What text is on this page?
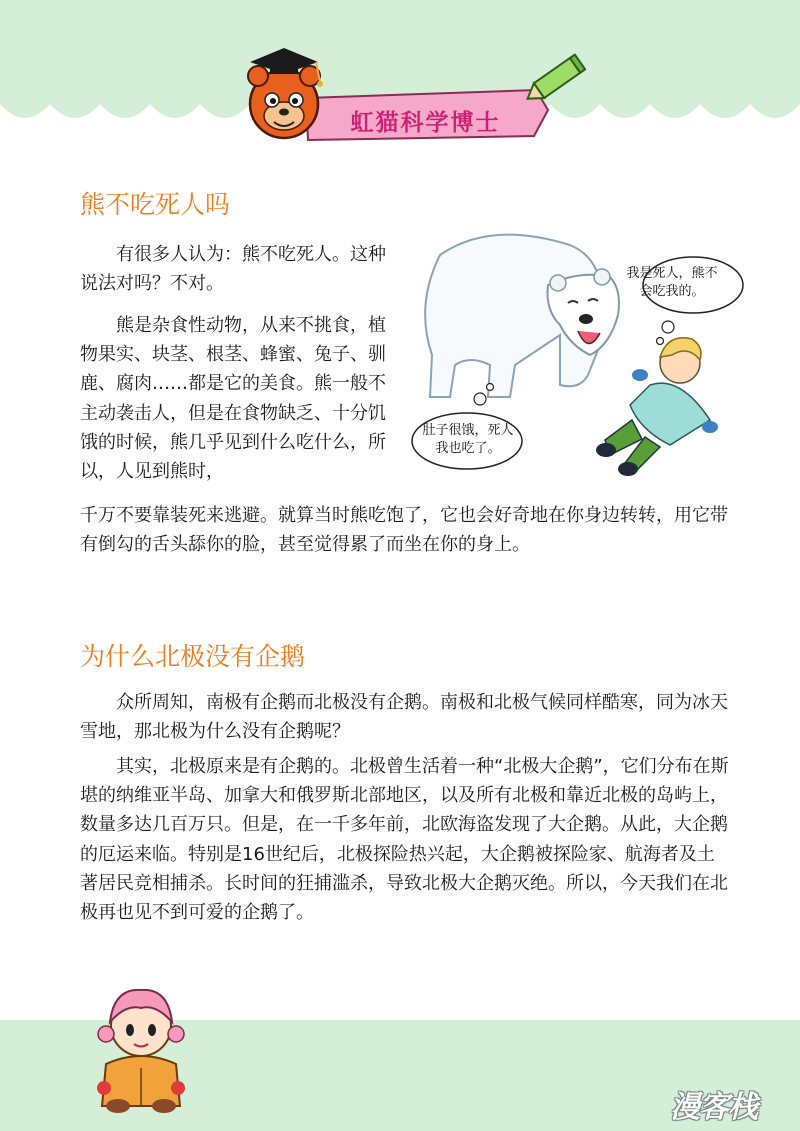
虹猫科学博士
熊不吃死人吗

有很多人认为：熊不吃死人。这种说法对吗？不对。

熊是杂食性动物，从来不挑食，植物果实、块茎、根茎、蜂蜜、兔子、驯鹿、腐肉……都是它的美食。熊一般不主动袭击人，但是在食物缺乏、十分饥饿的时候，熊几乎见到什么吃什么，所以，人见到熊时，

千万不要靠装死来逃避。就算当时熊吃饱了，它也会好奇地在你身边转转，用它带有倒勾的舌头舔你的脸，甚至觉得累了而坐在你的身上。

我是死人，熊不会吃我的。
肚子很饿，死人我也吃了。
为什么北极没有企鹅

众所周知，南极有企鹅而北极没有企鹅。南极和北极气候同样酷寒，同为冰天雪地，那北极为什么没有企鹅呢？

其实，北极原来是有企鹅的。北极曾生活着一种“北极大企鹅”，它们分布在斯堪的纳维亚半岛、加拿大和俄罗斯北部地区，以及所有北极和靠近北极的岛屿上，数量多达几百万只。但是，在一千多年前，北欧海盗发现了大企鹅。从此，大企鹅的厄运来临。特别是16世纪后，北极探险热兴起，大企鹅被探险家、航海者及土著居民竞相捕杀。长时间的狂捕滥杀，导致北极大企鹅灭绝。所以，今天我们在北极再也见不到可爱的企鹅了。

漫客栈
